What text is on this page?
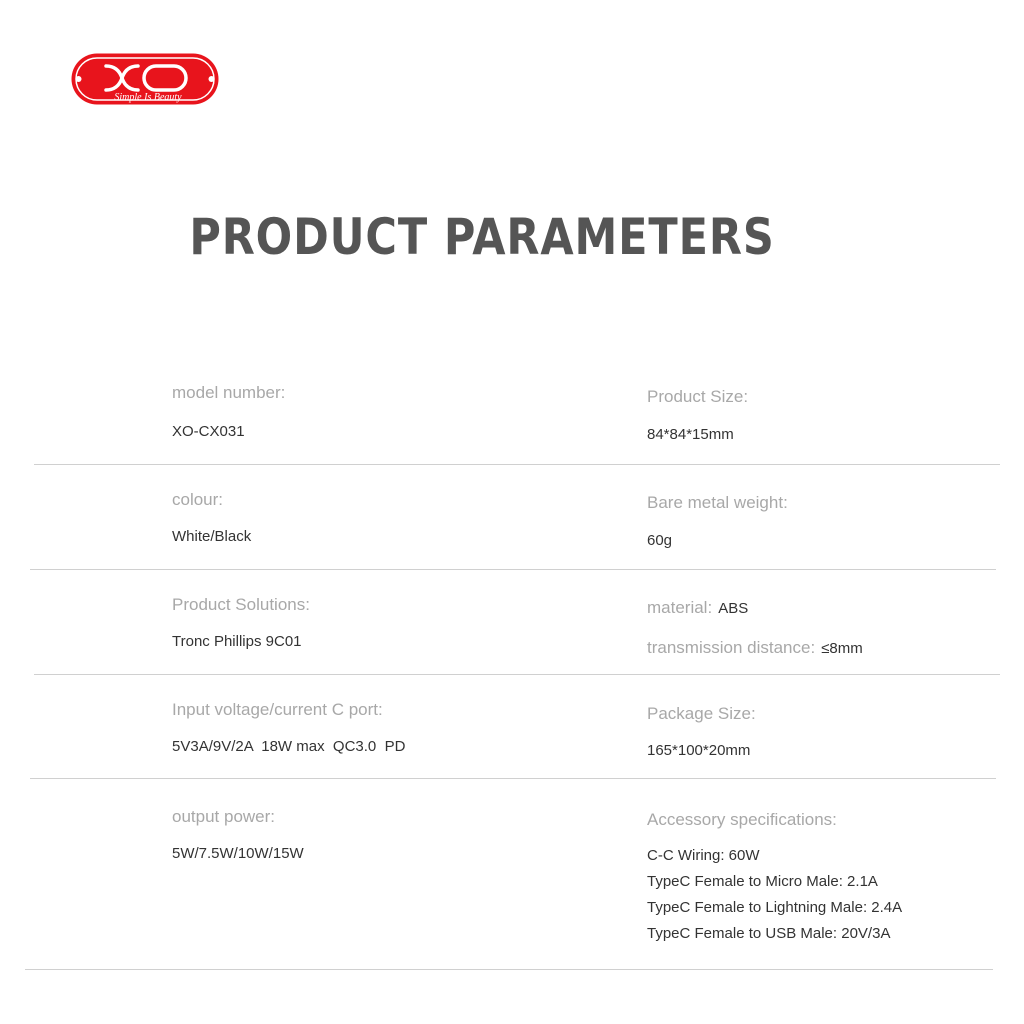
Simple Is Beauty
PRODUCT PARAMETERS
model number:
XO-CX031
Product Size:
84*84*15mm
colour:
White/Black
Bare metal weight:
60g
Product Solutions:
Tronc Phillips 9C01
material: ABS
transmission distance: ≤8mm
Input voltage/current C port:
5V3A/9V/2A  18W max  QC3.0  PD
Package Size:
165*100*20mm
output power:
5W/7.5W/10W/15W
Accessory specifications:
C-C Wiring: 60W
TypeC Female to Micro Male: 2.1A
TypeC Female to Lightning Male: 2.4A
TypeC Female to USB Male: 20V/3A
